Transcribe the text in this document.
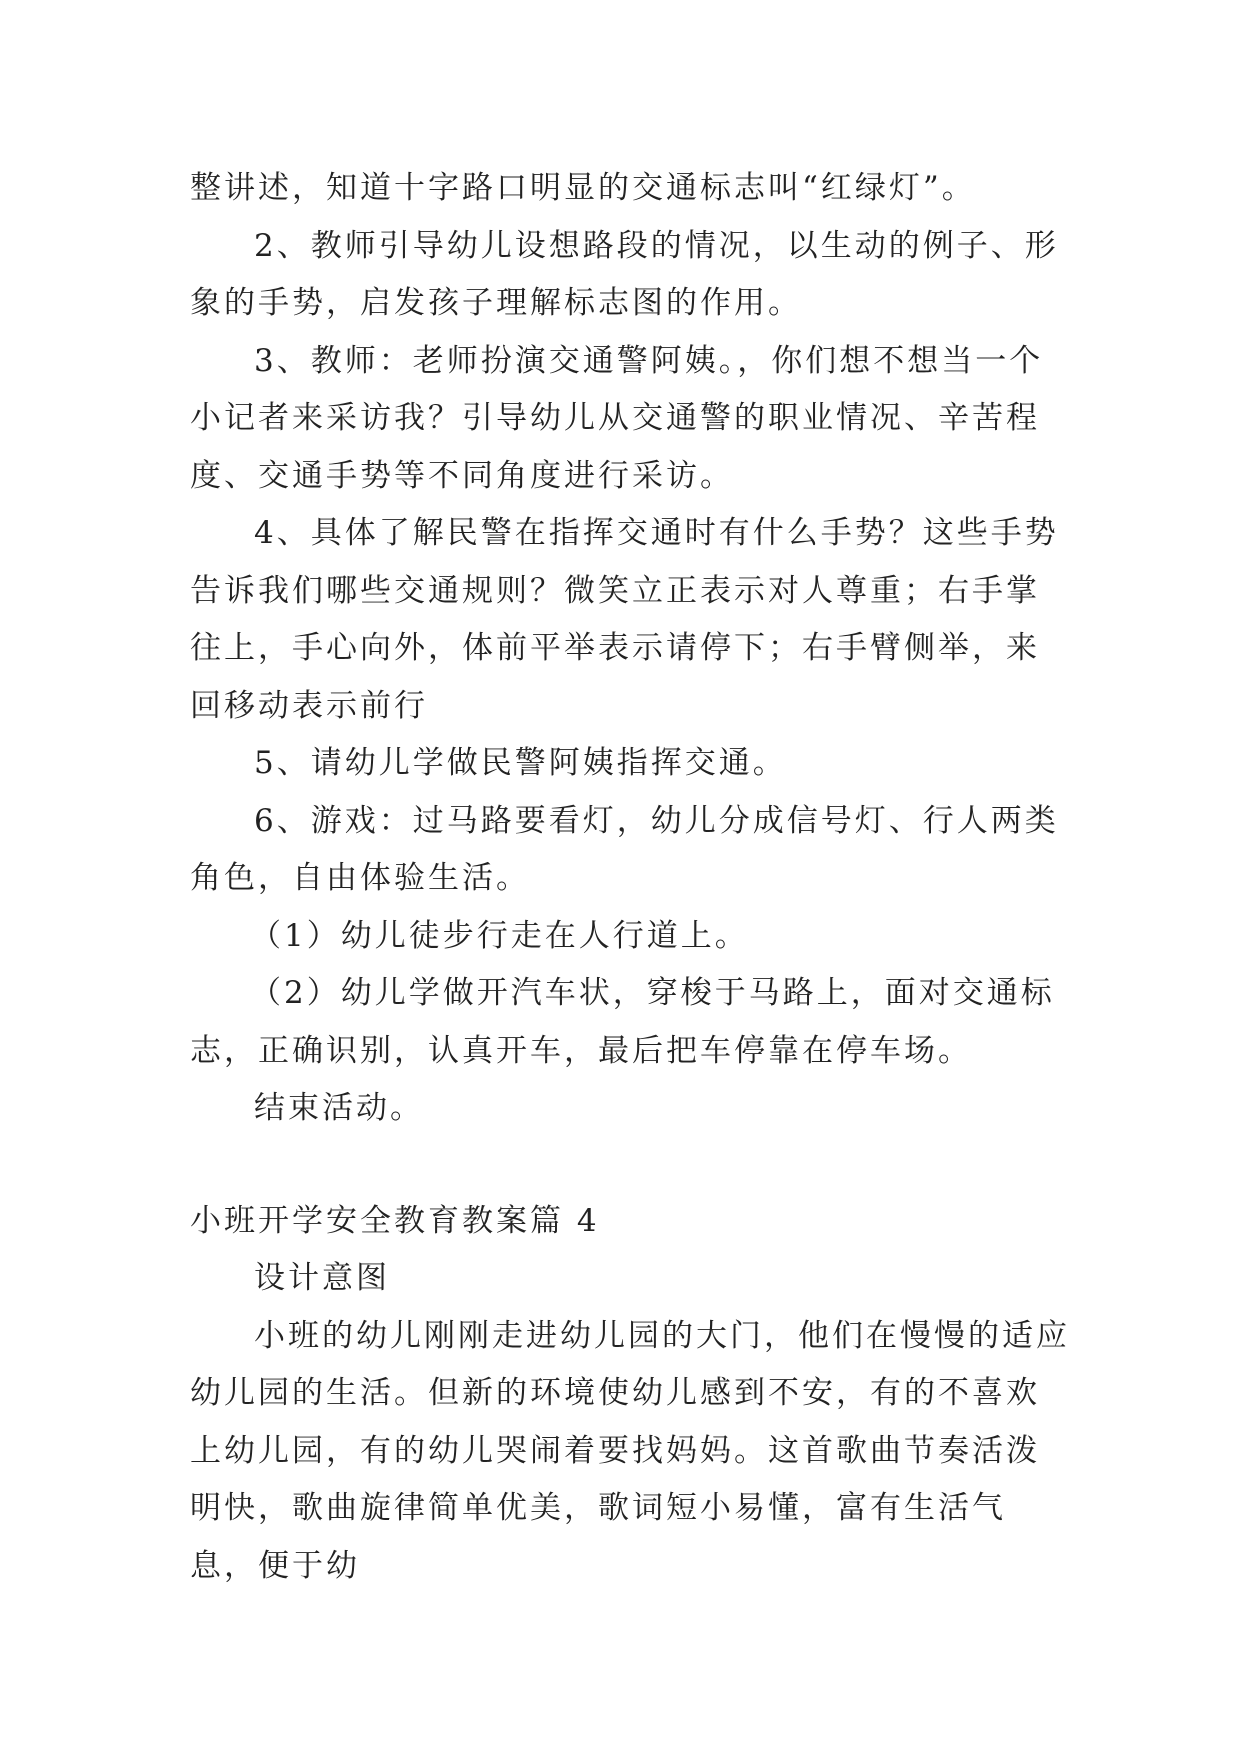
整讲述，知道十字路口明显的交通标志叫“红绿灯”。

2、教师引导幼儿设想路段的情况，以生动的例子、形象的手势，启发孩子理解标志图的作用。

3、教师：老师扮演交通警阿姨。，你们想不想当一个小记者来采访我？引导幼儿从交通警的职业情况、辛苦程度、交通手势等不同角度进行采访。

4、具体了解民警在指挥交通时有什么手势？这些手势告诉我们哪些交通规则？微笑立正表示对人尊重；右手掌往上，手心向外，体前平举表示请停下；右手臂侧举，来回移动表示前行

5、请幼儿学做民警阿姨指挥交通。

6、游戏：过马路要看灯，幼儿分成信号灯、行人两类角色，自由体验生活。

（1）幼儿徒步行走在人行道上。

（2）幼儿学做开汽车状，穿梭于马路上，面对交通标志，正确识别，认真开车，最后把车停靠在停车场。

结束活动。

小班开学安全教育教案篇 4

设计意图

小班的幼儿刚刚走进幼儿园的大门，他们在慢慢的适应幼儿园的生活。但新的环境使幼儿感到不安，有的不喜欢上幼儿园，有的幼儿哭闹着要找妈妈。这首歌曲节奏活泼明快，歌曲旋律简单优美，歌词短小易懂，富有生活气息，便于幼
